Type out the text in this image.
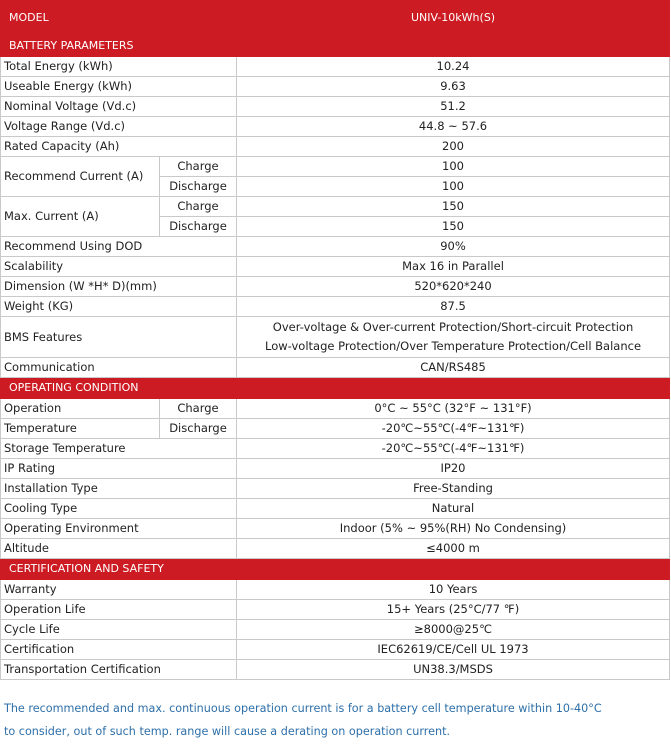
MODEL		UNIV-10kWh(S)
BATTERY PARAMETERS		
Total Energy (kWh)		10.24
Useable Energy (kWh)		9.63
Nominal Voltage (Vd.c)		51.2
Voltage Range (Vd.c)		44.8 ~ 57.6
Rated Capacity (Ah)		200
Recommend Current (A)	Charge	100
	Discharge	100
Max. Current (A)	Charge	150
	Discharge	150
Recommend Using DOD		90%
Scalability		Max 16 in Parallel
Dimension (W *H* D)(mm)		520*620*240
Weight (KG)		87.5
BMS Features		Over-voltage & Over-current Protection/Short-circuit Protection
Low-voltage Protection/Over Temperature Protection/Cell Balance

Communication		CAN/RS485
OPERATING CONDITION		
Operation	Charge	0°C ~ 55°C (32°F ~ 131°F)
Temperature	Discharge	-20℃~55℃(-4℉~131℉)
Storage Temperature		-20℃~55℃(-4℉~131℉)
IP Rating		IP20
Installation Type		Free-Standing
Cooling Type		Natural
Operating Environment		Indoor (5% ~ 95%(RH) No Condensing)
Altitude		≤4000 m
CERTIFICATION AND SAFETY		
Warranty		10 Years
Operation Life		15+ Years (25°C/77 ℉)
Cycle Life		≥8000@25℃
Certification		IEC62619/CE/Cell UL 1973
Transportation Certification		UN38.3/MSDS
The recommended and max. continuous operation current is for a battery cell temperature within 10-40°C
to consider, out of such temp. range will cause a derating on operation current.
